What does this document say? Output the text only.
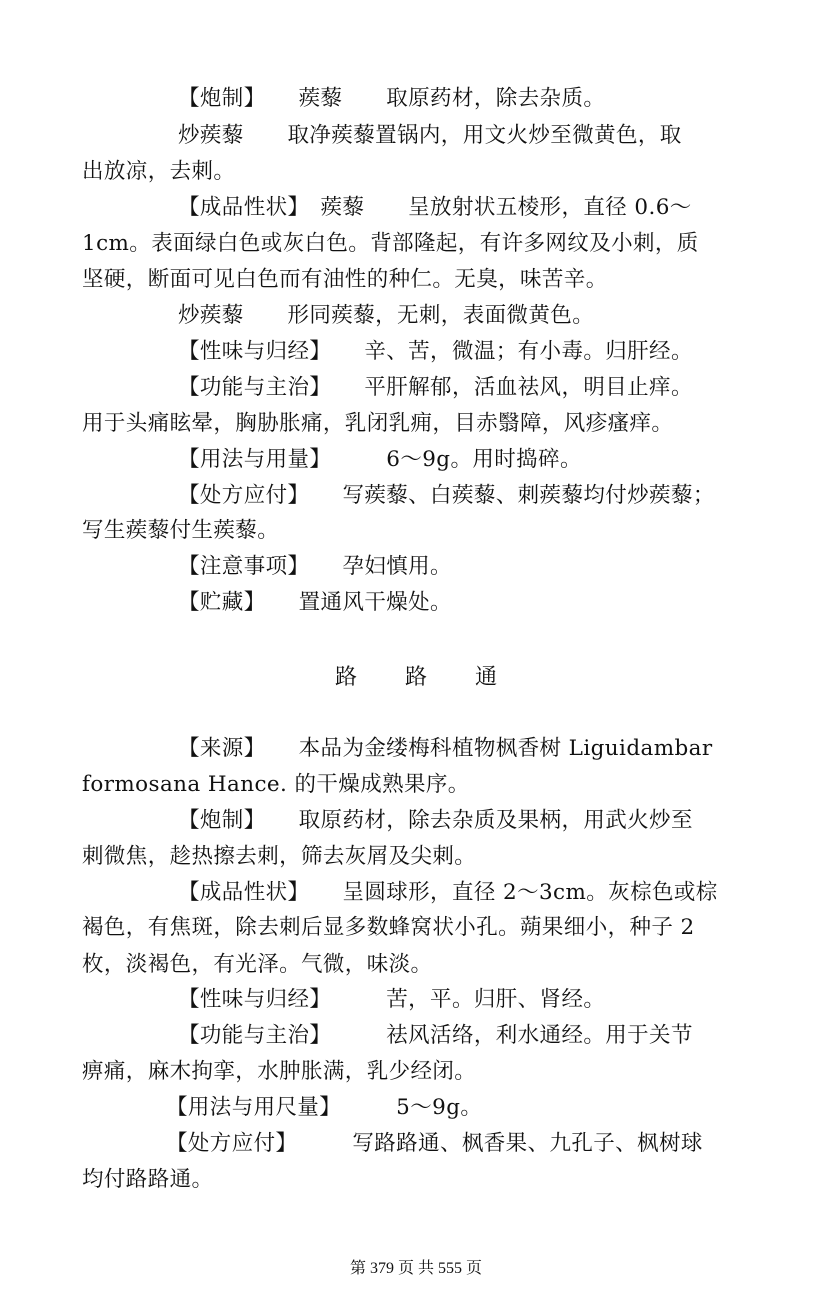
【炮制】　　蒺藜　　取原药材，除去杂质。
炒蒺藜　　取净蒺藜置锅内，用文火炒至微黄色，取
出放凉，去刺。
【成品性状】　蒺藜　　呈放射状五棱形，直径 0.6～
1cm。表面绿白色或灰白色。背部隆起，有许多网纹及小刺，质
坚硬，断面可见白色而有油性的种仁。无臭，味苦辛。
炒蒺藜　　形同蒺藜，无刺，表面微黄色。
【性味与归经】　　辛、苦，微温；有小毒。归肝经。
【功能与主治】　　平肝解郁，活血祛风，明目止痒。
用于头痛眩晕，胸胁胀痛，乳闭乳痈，目赤翳障，风疹瘙痒。
【用法与用量】　　　6～9g。用时捣碎。
【处方应付】　　写蒺藜、白蒺藜、刺蒺藜均付炒蒺藜；
写生蒺藜付生蒺藜。
【注意事项】　　孕妇慎用。
【贮藏】　　置通风干燥处。
路 路 通
【来源】　　本品为金缕梅科植物枫香树 Liguidambar
formosana Hance. 的干燥成熟果序。
【炮制】　　取原药材，除去杂质及果柄，用武火炒至
刺微焦，趁热擦去刺，筛去灰屑及尖刺。
【成品性状】　　呈圆球形，直径 2～3cm。灰棕色或棕
褐色，有焦斑，除去刺后显多数蜂窝状小孔。蒴果细小，种子 2
枚，淡褐色，有光泽。气微，味淡。
【性味与归经】　　　苦，平。归肝、肾经。
【功能与主治】　　　祛风活络，利水通经。用于关节
痹痛，麻木拘挛，水肿胀满，乳少经闭。
【用法与用尺量】　　　5～9g。
【处方应付】　　　写路路通、枫香果、九孔子、枫树球
均付路路通。
第 379 页 共 555 页
